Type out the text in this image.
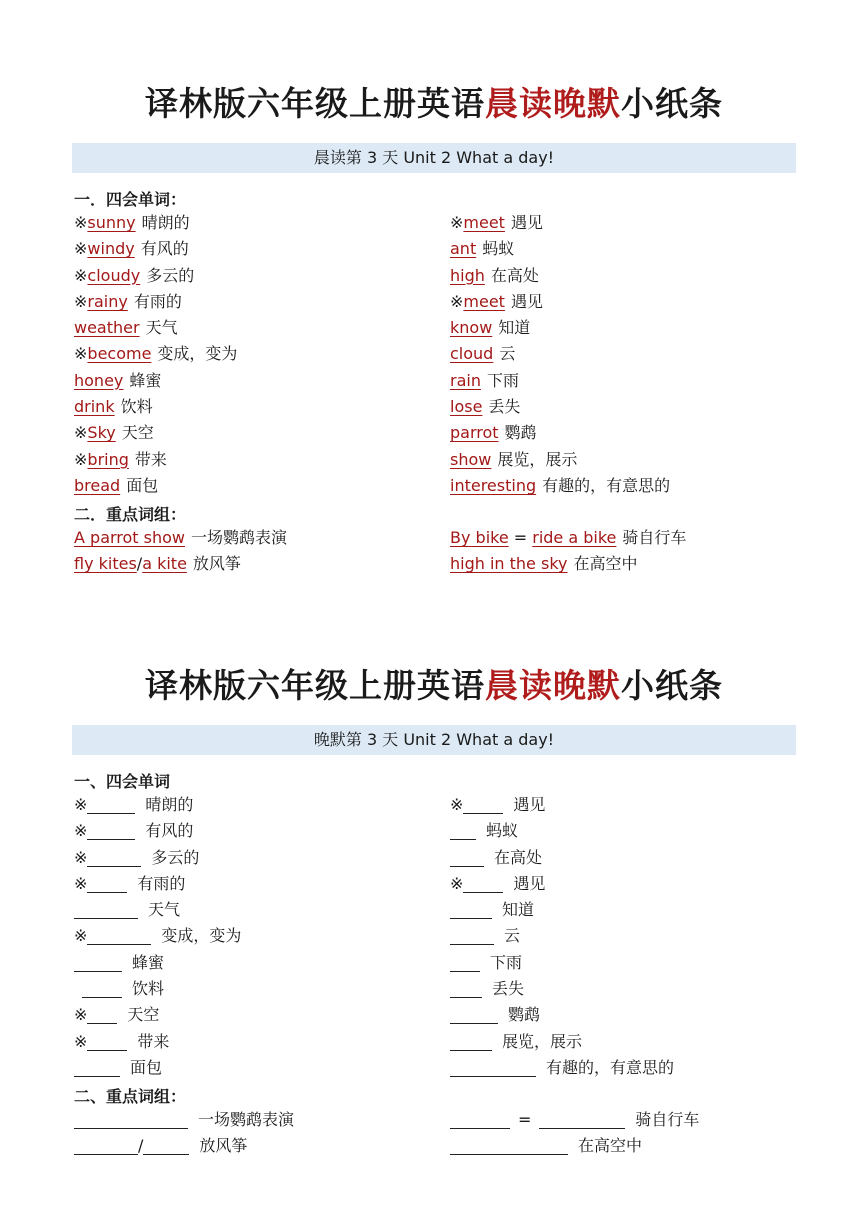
译林版六年级上册英语晨读晚默小纸条
晨读第 3 天 Unit 2 What a day!
一．四会单词：
※sunny 晴朗的
※windy 有风的
※cloudy 多云的
※rainy 有雨的
weather 天气
※become 变成，变为
honey 蜂蜜
drink 饮料
※Sky 天空
※bring 带来
bread 面包
※meet 遇见
ant 蚂蚁
high 在高处
※meet 遇见
know 知道
cloud 云
rain 下雨
lose 丢失
parrot 鹦鹉
show 展览，展示
interesting 有趣的，有意思的
二．重点词组：
A parrot show 一场鹦鹉表演
fly kites/a kite 放风筝
By bike = ride a bike 骑自行车
high in the sky 在高空中
译林版六年级上册英语晨读晚默小纸条
晚默第 3 天 Unit 2 What a day!
一、四会单词
※	晴朗的
※	有风的
※	多云的
※	有雨的
天气
※	变成，变为
蜂蜜
饮料
※	天空
※	带来
面包
※	遇见
蚂蚁
在高处
※	遇见
知道
云
下雨
丢失
鹦鹉
展览，展示
有趣的，有意思的
二、重点词组：
一场鹦鹉表演
/	放风筝
=	骑自行车
在高空中
